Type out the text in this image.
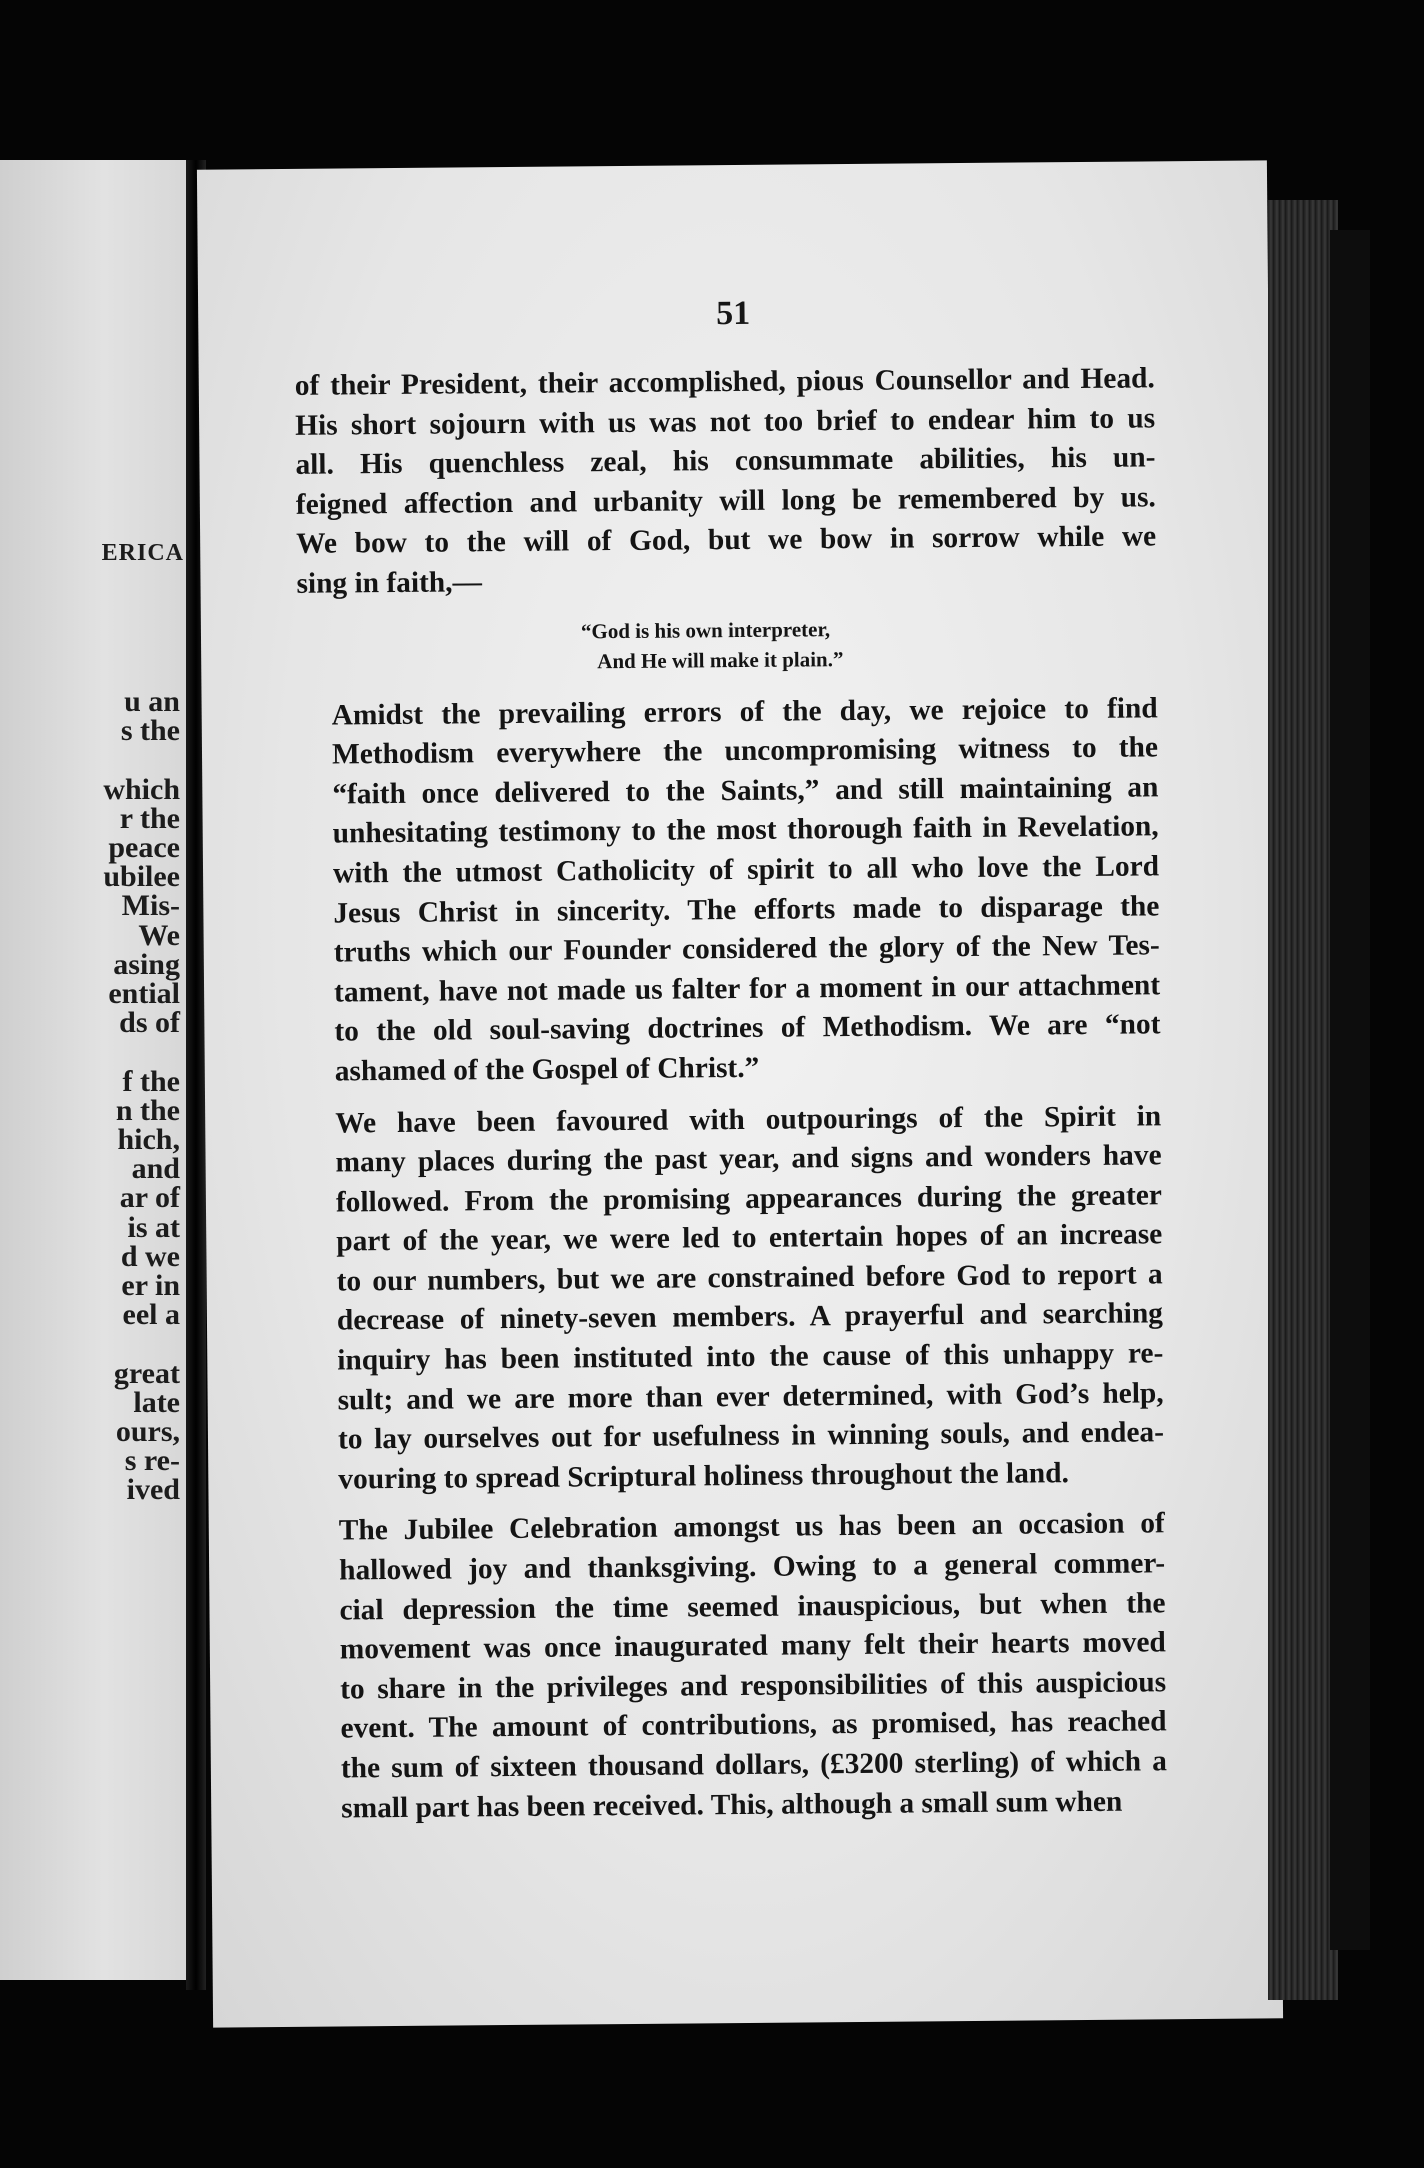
ERICA
u an
s the
which
r the
peace
ubilee
Mis-
We
asing
ential
ds of
f the
n the
hich,
and
ar of
is at
d we
er in
eel a
great
late
ours,
s re-
ived
51
of their President, their accomplished, pious Counsellor and Head.
His short sojourn with us was not too brief to endear him to us
all. His quenchless zeal, his consummate abilities, his un-
feigned affection and urbanity will long be remembered by us.
We bow to the will of God, but we bow in sorrow while we
sing in faith,—
“God is his own interpreter,
And He will make it plain.”
Amidst the prevailing errors of the day, we rejoice to find
Methodism everywhere the uncompromising witness to the
“faith once delivered to the Saints,” and still maintaining an
unhesitating testimony to the most thorough faith in Revelation,
with the utmost Catholicity of spirit to all who love the Lord
Jesus Christ in sincerity. The efforts made to disparage the
truths which our Founder considered the glory of the New Tes-
tament, have not made us falter for a moment in our attachment
to the old soul-saving doctrines of Methodism. We are “not
ashamed of the Gospel of Christ.”
We have been favoured with outpourings of the Spirit in
many places during the past year, and signs and wonders have
followed. From the promising appearances during the greater
part of the year, we were led to entertain hopes of an increase
to our numbers, but we are constrained before God to report a
decrease of ninety-seven members. A prayerful and searching
inquiry has been instituted into the cause of this unhappy re-
sult; and we are more than ever determined, with God’s help,
to lay ourselves out for usefulness in winning souls, and endea-
vouring to spread Scriptural holiness throughout the land.
The Jubilee Celebration amongst us has been an occasion of
hallowed joy and thanksgiving. Owing to a general commer-
cial depression the time seemed inauspicious, but when the
movement was once inaugurated many felt their hearts moved
to share in the privileges and responsibilities of this auspicious
event. The amount of contributions, as promised, has reached
the sum of sixteen thousand dollars, (£3200 sterling) of which a
small part has been received. This, although a small sum when
